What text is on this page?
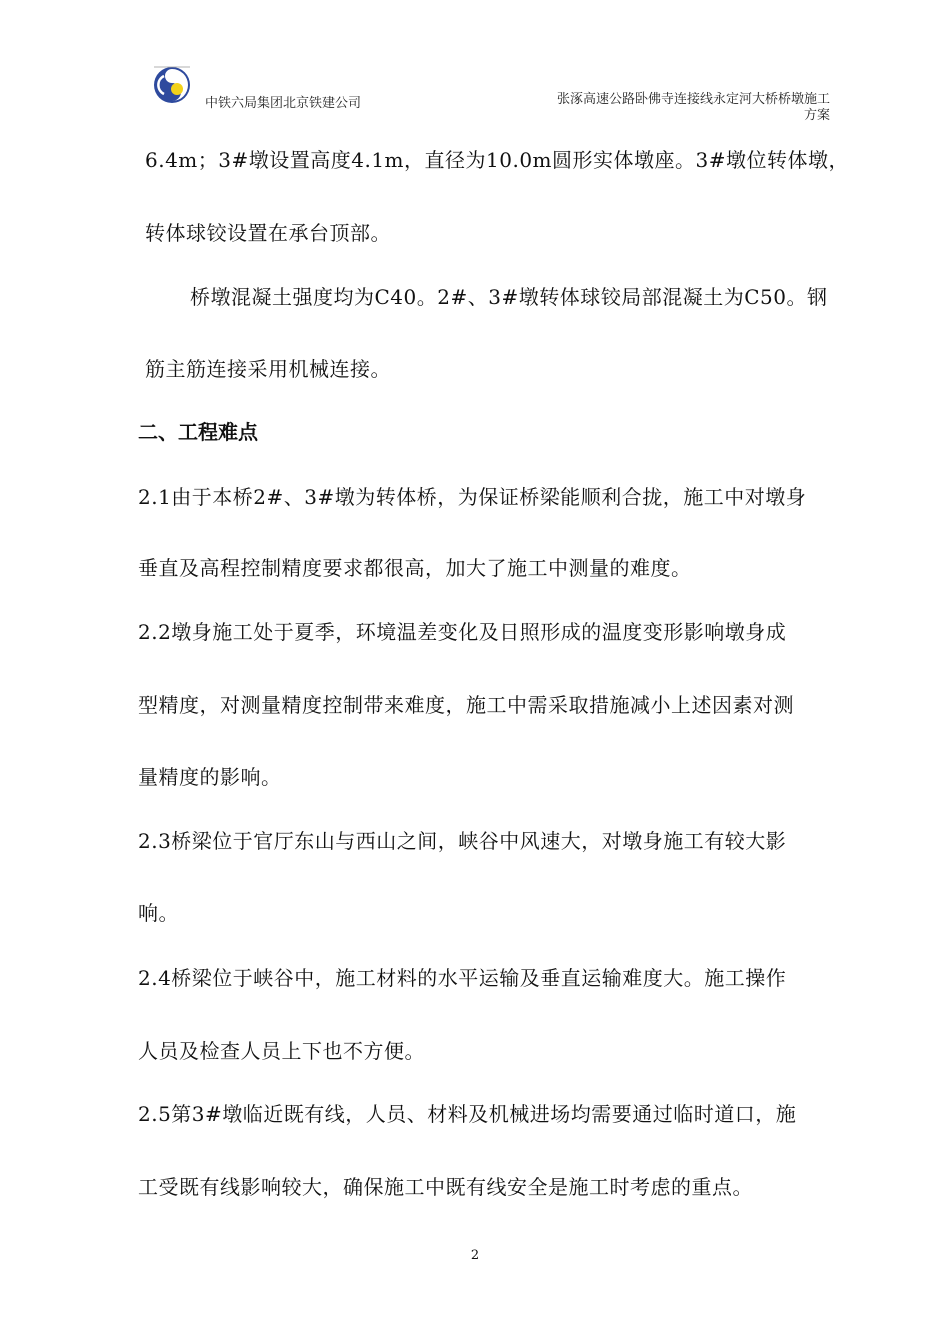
中铁六局集团北京铁建公司	张涿高速公路卧佛寺连接线永定河大桥桥墩施工
方案
6.4m；3#墩设置高度4.1m，直径为10.0m圆形实体墩座。3#墩位转体墩，
转体球铰设置在承台顶部。
桥墩混凝土强度均为C40。2#、3#墩转体球铰局部混凝土为C50。钢
筋主筋连接采用机械连接。
二、工程难点
2.1由于本桥2#、3#墩为转体桥，为保证桥梁能顺利合拢，施工中对墩身
垂直及高程控制精度要求都很高，加大了施工中测量的难度。
2.2墩身施工处于夏季，环境温差变化及日照形成的温度变形影响墩身成
型精度，对测量精度控制带来难度，施工中需采取措施减小上述因素对测
量精度的影响。
2.3桥梁位于官厅东山与西山之间，峡谷中风速大，对墩身施工有较大影
响。
2.4桥梁位于峡谷中，施工材料的水平运输及垂直运输难度大。施工操作
人员及检查人员上下也不方便。
2.5第3#墩临近既有线，人员、材料及机械进场均需要通过临时道口，施
工受既有线影响较大，确保施工中既有线安全是施工时考虑的重点。
2
